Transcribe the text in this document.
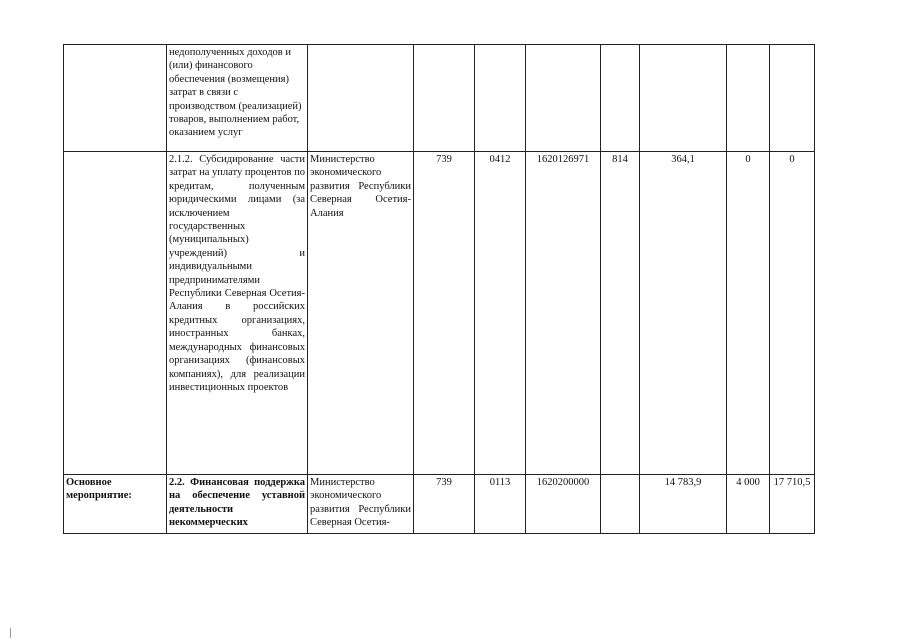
	недополученных доходов и (или) финансового обеспечения (возмещения) затрат в связи с производством (реализацией) товаров, выполнением работ, оказанием услуг								
	2.1.2. Субсидирование части затрат на уплату процентов по кредитам, полученным юридическими лицами (за исключением государственных (муниципальных) учреждений) и индивидуальными предпринимателями Республики Северная Осетия-Алания в российских кредитных организациях, иностранных банках, международных финансовых организациях (финансовых компаниях), для реализации инвестиционных проектов	Министерство экономического развития Республики Северная Осетия-Алания	739	0412	1620126971	814	364,1	0	0
Основное мероприятие:	2.2. Финансовая поддержка на обеспечение уставной деятельности некоммерческих	Министерство экономического развития Республики Северная Осетия-	739	0113	1620200000		14 783,9	4 000	17 710,5
